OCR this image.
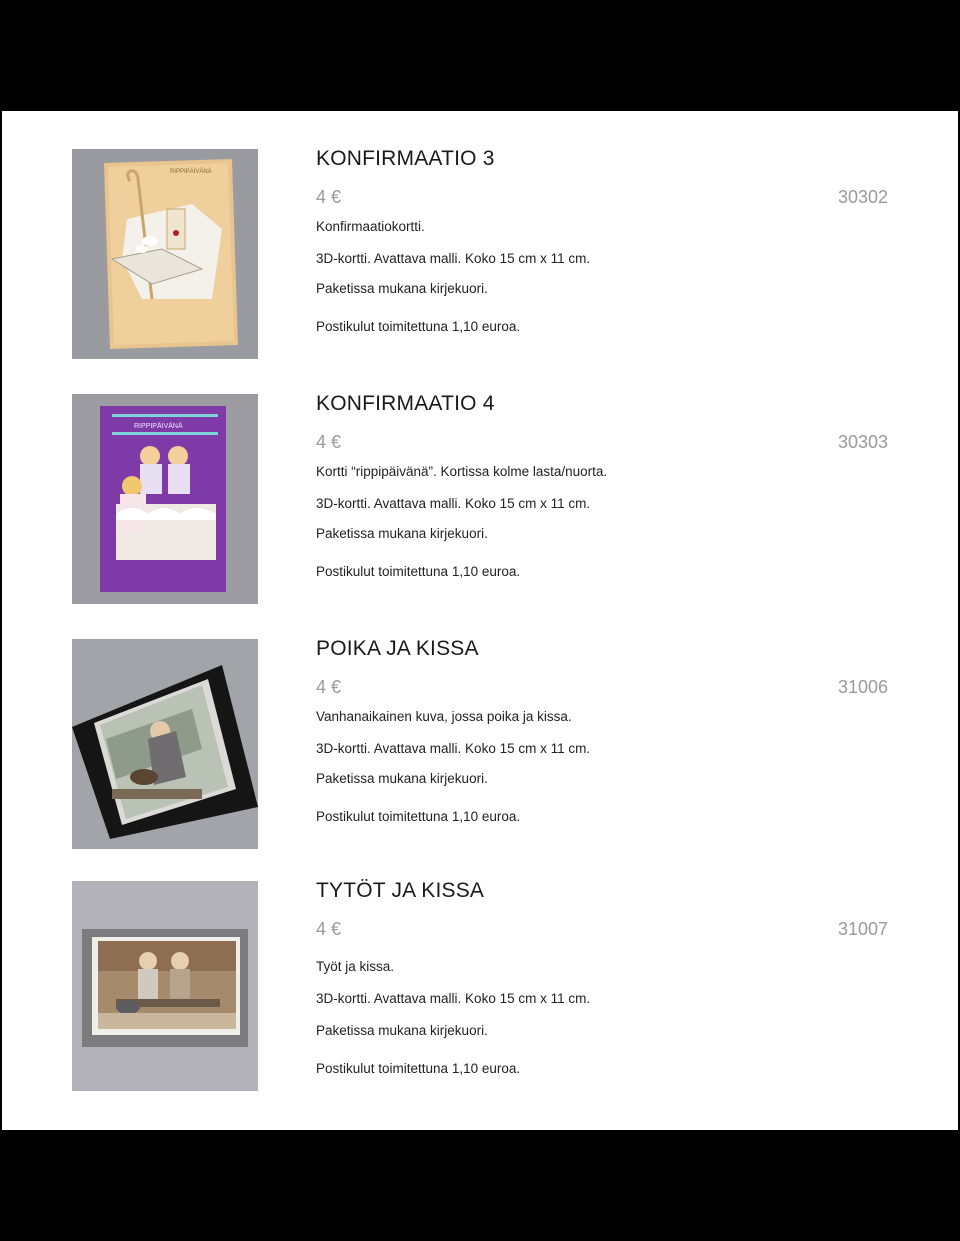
RIPPIPÄIVÄNÄ
KONFIRMAATIO 3
4 €	30302
Konfirmaatiokortti.
3D-kortti. Avattava malli. Koko 15 cm x 11 cm.
Paketissa mukana kirjekuori.
Postikulut toimitettuna 1,10 euroa.
RIPPIPÄIVÄNÄ
KONFIRMAATIO 4
4 €	30303
Kortti “rippipäivänä”. Kortissa kolme lasta/nuorta.
3D-kortti. Avattava malli. Koko 15 cm x 11 cm.
Paketissa mukana kirjekuori.
Postikulut toimitettuna 1,10 euroa.
POIKA JA KISSA
4 €	31006
Vanhanaikainen kuva, jossa poika ja kissa.
3D-kortti. Avattava malli. Koko 15 cm x 11 cm.
Paketissa mukana kirjekuori.
Postikulut toimitettuna 1,10 euroa.
TYTÖT JA KISSA
4 €	31007
Työt ja kissa.
3D-kortti. Avattava malli. Koko 15 cm x 11 cm.
Paketissa mukana kirjekuori.
Postikulut toimitettuna 1,10 euroa.
